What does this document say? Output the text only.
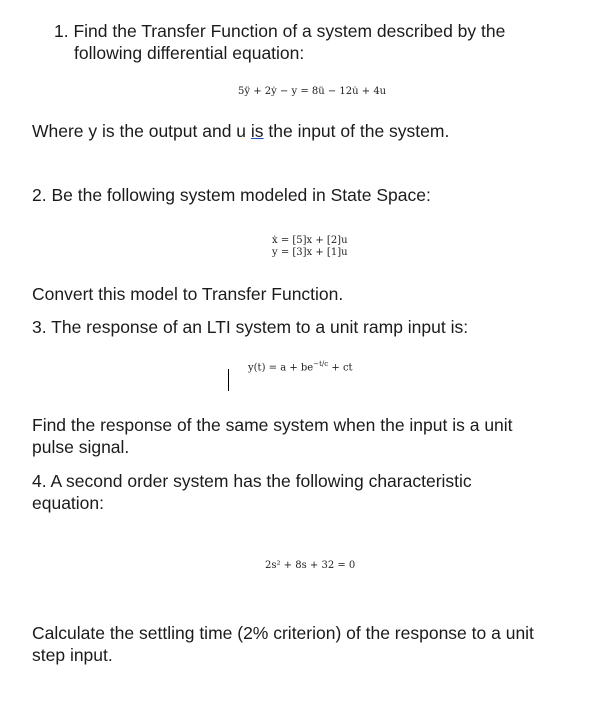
1. Find the Transfer Function of a system described by the

following differential equation:

5ÿ + 2ẏ − y = 8ü − 12u̇ + 4u

Where y is the output and u is the input of the system.

2. Be the following system modeled in State Space:

ẋ = [5]x + [2]u
y = [3]x + [1]u

Convert this model to Transfer Function.

3. The response of an LTI system to a unit ramp input is:

$y(t) = a + be^{-t/c}$ + ct

Find the response of the same system when the input is a unit

pulse signal.

4. A second order system has the following characteristic

equation:

2s² + 8s + 32 = 0

Calculate the settling time (2% criterion) of the response to a unit

step input.
